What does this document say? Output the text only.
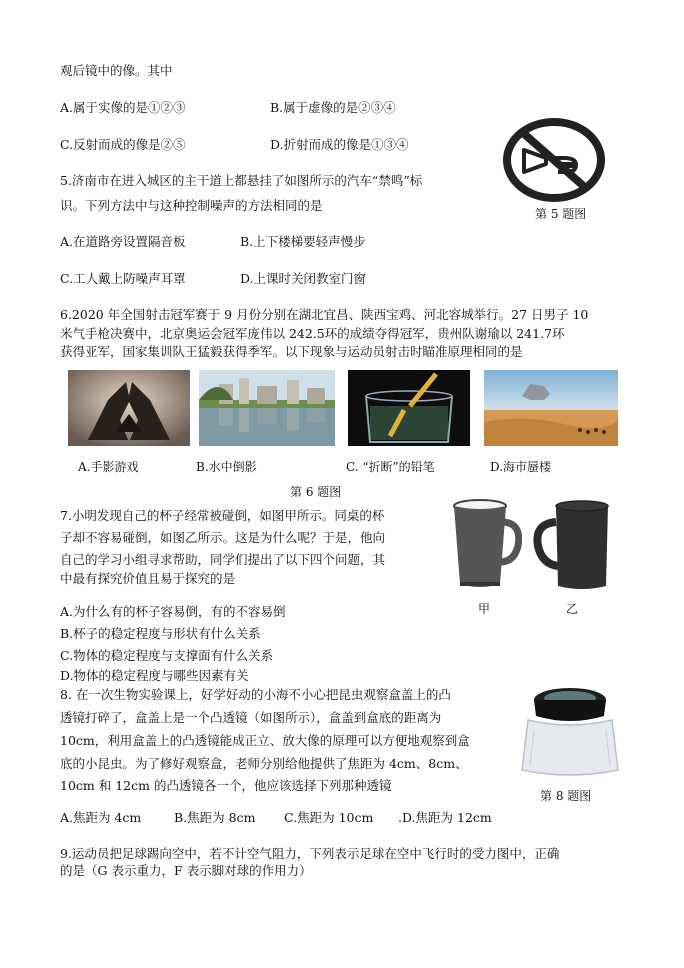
观后镜中的像。其中
A.属于实像的是①②③	B.属于虚像的是②③④
C.反射而成的像是②⑤	D.折射而成的像是①③④
第 5 题图
5.济南市在进入城区的主干道上都悬挂了如图所示的汽车“禁鸣”标
识。下列方法中与这种控制噪声的方法相同的是
A.在道路旁设置隔音板	B.上下楼梯要轻声慢步
C.工人戴上防噪声耳罩	D.上课时关闭教室门窗
6.2020 年全国射击冠军赛于 9 月份分别在湖北宜昌、陕西宝鸡、河北容城举行。27 日男子 10
米气手枪决赛中，北京奥运会冠军庞伟以 242.5环的成绩夺得冠军，贵州队谢瑜以 241.7环
获得亚军，国家集训队王猛毅获得季军。以下现象与运动员射击时瞄准原理相同的是
A.手影游戏	B.水中倒影	C. “折断”的铅笔	D.海市蜃楼
第 6 题图
7.小明发现自己的杯子经常被碰倒，如图甲所示。同桌的杯
子却不容易碰倒，如图乙所示。这是为什么呢？于是，他向
自己的学习小组寻求帮助，同学们提出了以下四个问题，其
中最有探究价值且易于探究的是
甲	乙
A.为什么有的杯子容易倒，有的不容易倒
B.杯子的稳定程度与形状有什么关系
C.物体的稳定程度与支撑面有什么关系
D.物体的稳定程度与哪些因素有关
8. 在一次生物实验课上，好学好动的小海不小心把昆虫观察盒盖上的凸
透镜打碎了，盒盖上是一个凸透镜（如图所示），盒盖到盒底的距离为
10cm，利用盒盖上的凸透镜能成正立、放大像的原理可以方便地观察到盒
底的小昆虫。为了修好观察盒，老师分别给他提供了焦距为 4cm、8cm、
10cm 和 12cm 的凸透镜各一个，他应该选择下列那种透镜
第 8 题图
A.焦距为 4cm	B.焦距为 8cm C.焦距为 10cm .D.焦距为 12cm
9.运动员把足球踢向空中，若不计空气阻力，下列表示足球在空中飞行时的受力图中，正确
的是（G 表示重力，F 表示脚对球的作用力）
